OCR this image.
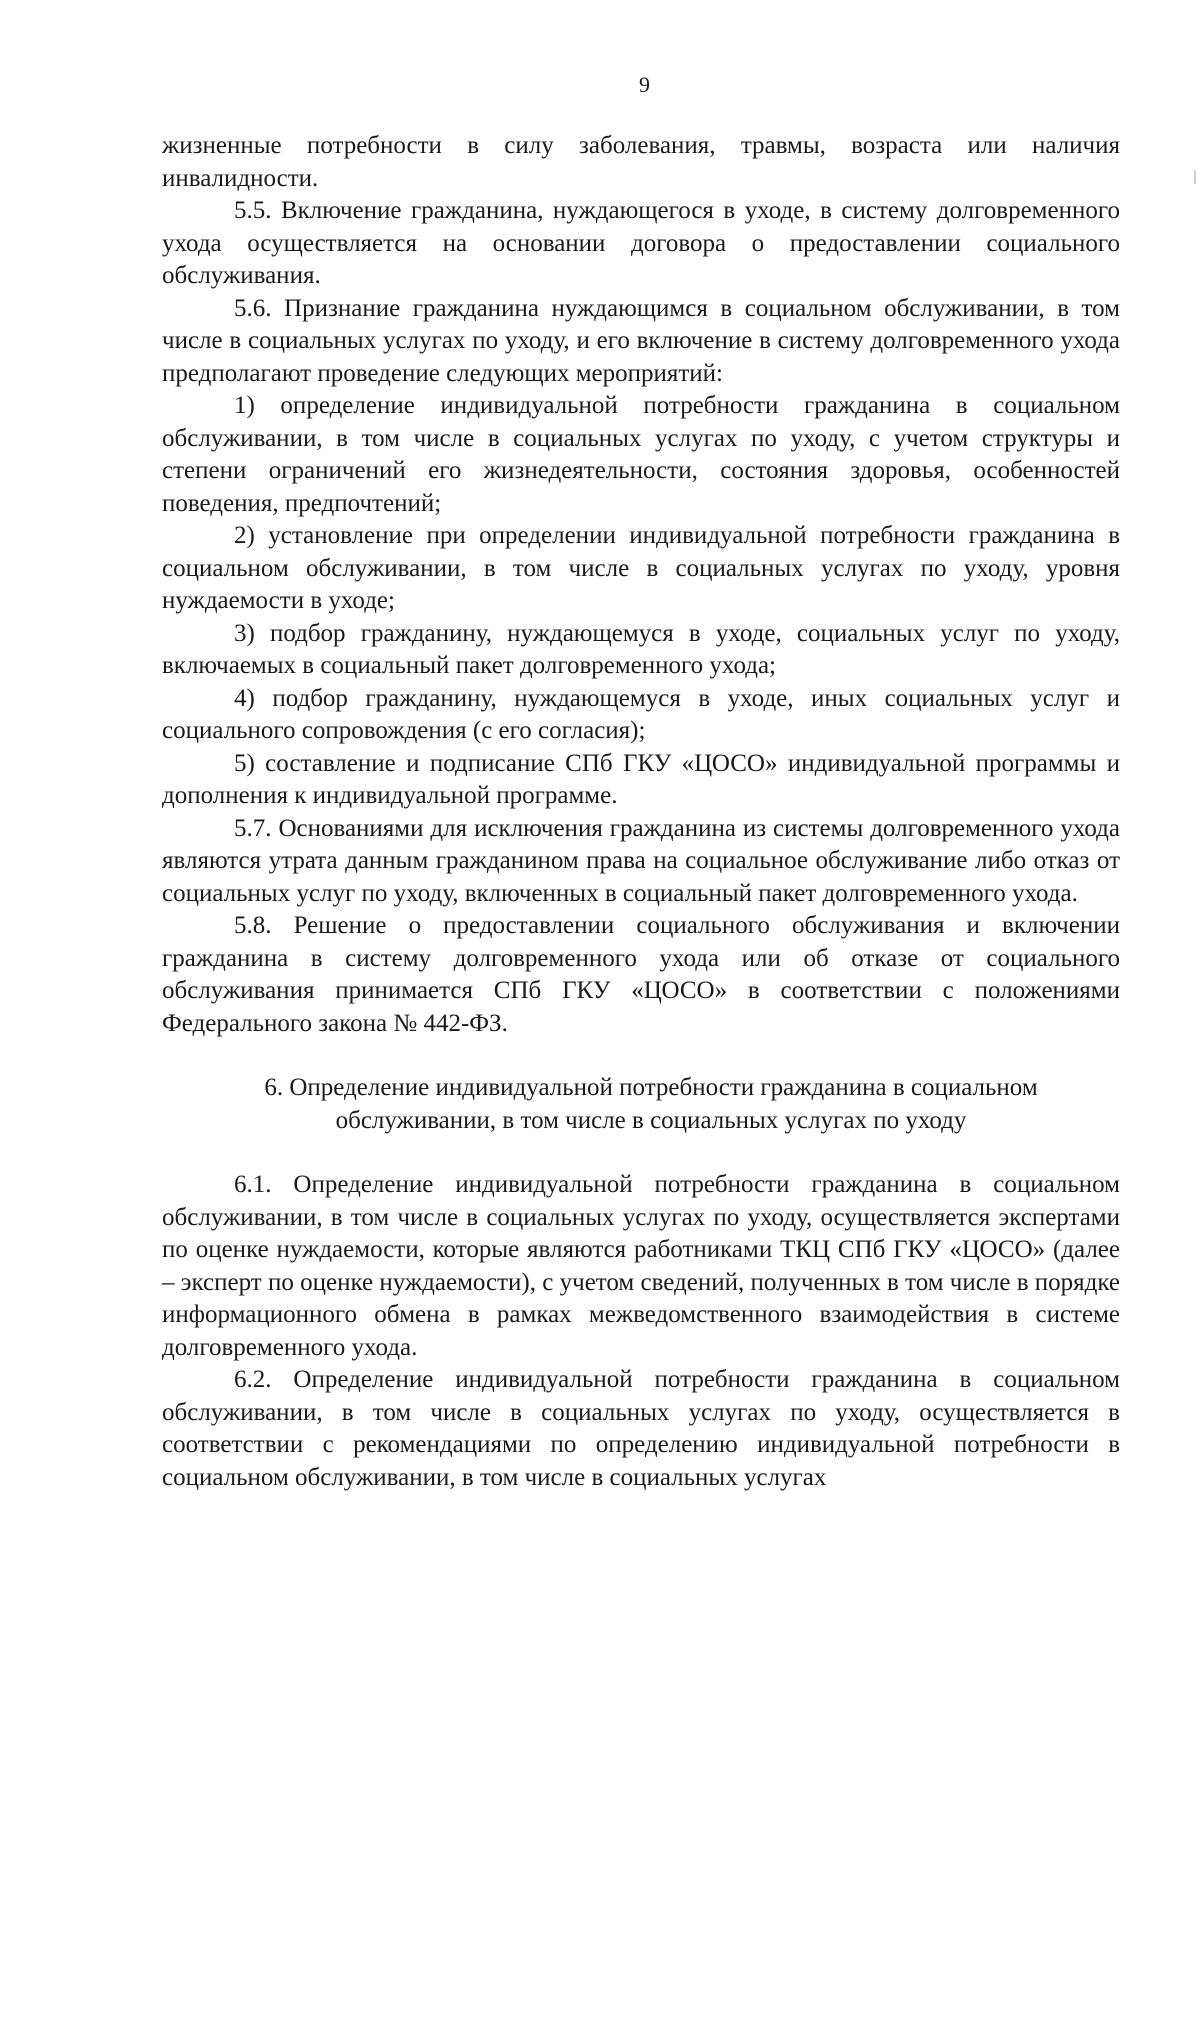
9

жизненные потребности в силу заболевания, травмы, возраста или наличия инвалидности.

5.5. Включение гражданина, нуждающегося в уходе, в систему долговременного ухода осуществляется на основании договора о предоставлении социального обслуживания.

5.6. Признание гражданина нуждающимся в социальном обслуживании, в том числе в социальных услугах по уходу, и его включение в систему долговременного ухода предполагают проведение следующих мероприятий:

1) определение индивидуальной потребности гражданина в социальном обслуживании, в том числе в социальных услугах по уходу, с учетом структуры и степени ограничений его жизнедеятельности, состояния здоровья, особенностей поведения, предпочтений;

2) установление при определении индивидуальной потребности гражданина в социальном обслуживании, в том числе в социальных услугах по уходу, уровня нуждаемости в уходе;

3) подбор гражданину, нуждающемуся в уходе, социальных услуг по уходу, включаемых в социальный пакет долговременного ухода;

4) подбор гражданину, нуждающемуся в уходе, иных социальных услуг и социального сопровождения (с его согласия);

5) составление и подписание СПб ГКУ «ЦОСО» индивидуальной программы и дополнения к индивидуальной программе.

5.7. Основаниями для исключения гражданина из системы долговременного ухода являются утрата данным гражданином права на социальное обслуживание либо отказ от социальных услуг по уходу, включенных в социальный пакет долговременного ухода.

5.8. Решение о предоставлении социального обслуживания и включении гражданина в систему долговременного ухода или об отказе от социального обслуживания принимается СПб ГКУ «ЦОСО» в соответствии с положениями Федерального закона № 442-ФЗ.

6. Определение индивидуальной потребности гражданина в социальном обслуживании, в том числе в социальных услугах по уходу

6.1. Определение индивидуальной потребности гражданина в социальном обслуживании, в том числе в социальных услугах по уходу, осуществляется экспертами по оценке нуждаемости, которые являются работниками ТКЦ СПб ГКУ «ЦОСО» (далее – эксперт по оценке нуждаемости), с учетом сведений, полученных в том числе в порядке информационного обмена в рамках межведомственного взаимодействия в системе долговременного ухода.

6.2. Определение индивидуальной потребности гражданина в социальном обслуживании, в том числе в социальных услугах по уходу, осуществляется в соответствии с рекомендациями по определению индивидуальной потребности в социальном обслуживании, в том числе в социальных услугах
